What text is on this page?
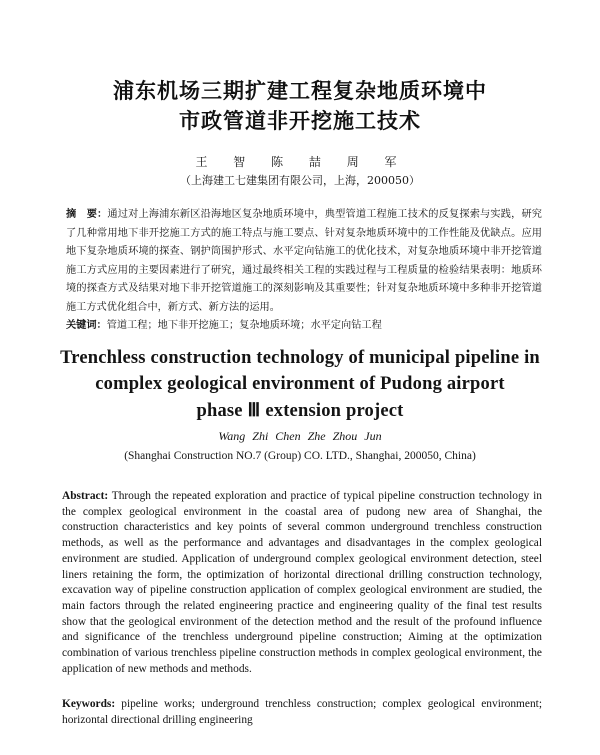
浦东机场三期扩建工程复杂地质环境中
市政管道非开挖施工技术
王 智 陈 喆 周 军
（上海建工七建集团有限公司，上海，200050）
摘　要：通过对上海浦东新区沿海地区复杂地质环境中，典型管道工程施工技术的反复探索与实践，研究了几种常用地下非开挖施工方式的施工特点与施工要点、针对复杂地质环境中的工作性能及优缺点。应用地下复杂地质环境的探查、钢护筒围护形式、水平定向钻施工的优化技术，对复杂地质环境中非开挖管道施工方式应用的主要因素进行了研究，通过最终相关工程的实践过程与工程质量的检验结果表明：地质环境的探查方式及结果对地下非开挖管道施工的深刻影响及其重要性；针对复杂地质环境中多种非开挖管道施工方式优化组合中，新方式、新方法的运用。
关键词：管道工程；地下非开挖施工；复杂地质环境；水平定向钻工程
Trenchless construction technology of municipal pipeline in
complex geological environment of Pudong airport
phase Ⅲ extension project
Wang Zhi Chen Zhe Zhou Jun
(Shanghai Construction NO.7 (Group) CO. LTD., Shanghai, 200050, China)
Abstract: Through the repeated exploration and practice of typical pipeline construction technology in the complex geological environment in the coastal area of pudong new area of Shanghai, the construction characteristics and key points of several common underground trenchless construction methods, as well as the performance and advantages and disadvantages in the complex geological environment are studied. Application of underground complex geological environment detection, steel liners retaining the form, the optimization of horizontal directional drilling construction technology, excavation way of pipeline construction application of complex geological environment are studied, the main factors through the related engineering practice and engineering quality of the final test results show that the geological environment of the detection method and the result of the profound influence and significance of the trenchless underground pipeline construction; Aiming at the optimization combination of various trenchless pipeline construction methods in complex geological environment, the application of new methods and methods.
Keywords: pipeline works; underground trenchless construction; complex geological environment; horizontal directional drilling engineering
